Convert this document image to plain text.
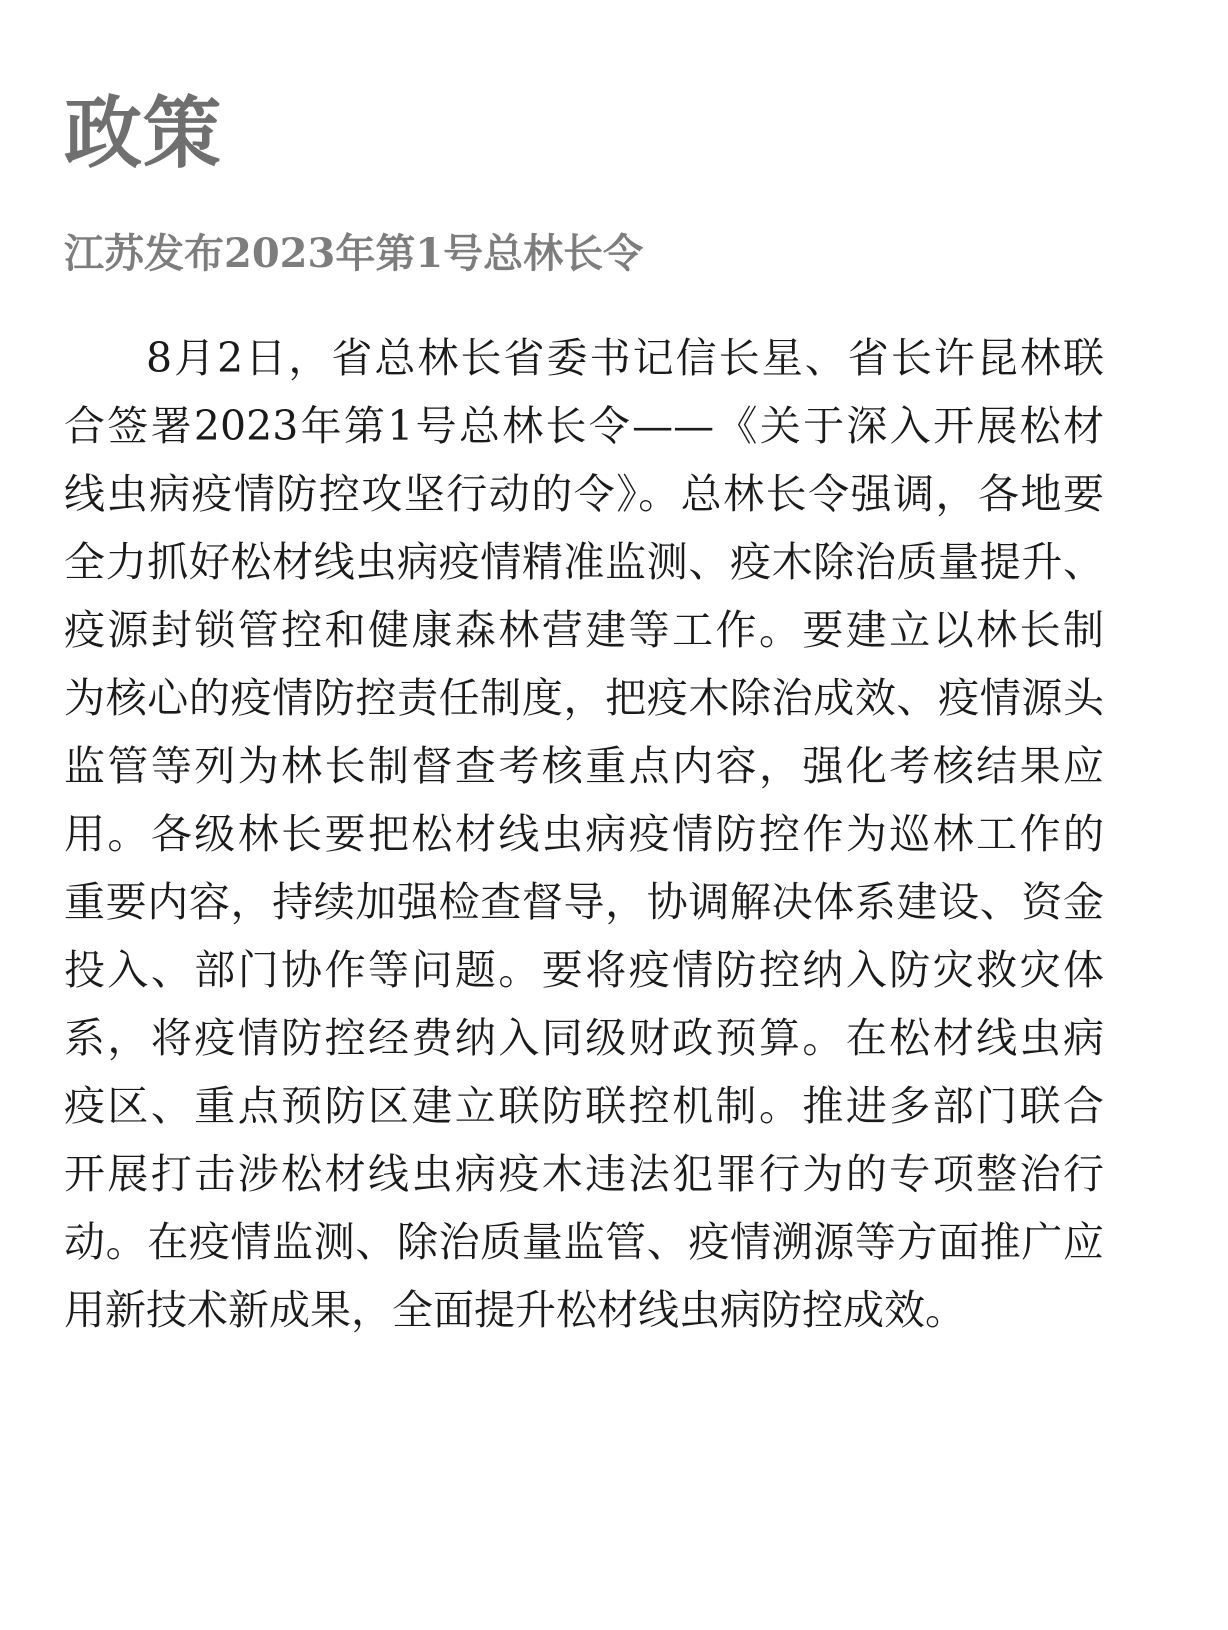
政策
江苏发布2023年第1号总林长令
8月2日，省总林长省委书记信长星、省长许昆林联
合签署2023年第1号总林长令——《关于深入开展松材
线虫病疫情防控攻坚行动的令》。总林长令强调，各地要
全力抓好松材线虫病疫情精准监测、疫木除治质量提升、
疫源封锁管控和健康森林营建等工作。要建立以林长制
为核心的疫情防控责任制度，把疫木除治成效、疫情源头
监管等列为林长制督查考核重点内容，强化考核结果应
用。各级林长要把松材线虫病疫情防控作为巡林工作的
重要内容，持续加强检查督导，协调解决体系建设、资金
投入、部门协作等问题。要将疫情防控纳入防灾救灾体
系，将疫情防控经费纳入同级财政预算。在松材线虫病
疫区、重点预防区建立联防联控机制。推进多部门联合
开展打击涉松材线虫病疫木违法犯罪行为的专项整治行
动。在疫情监测、除治质量监管、疫情溯源等方面推广应
用新技术新成果，全面提升松材线虫病防控成效。
